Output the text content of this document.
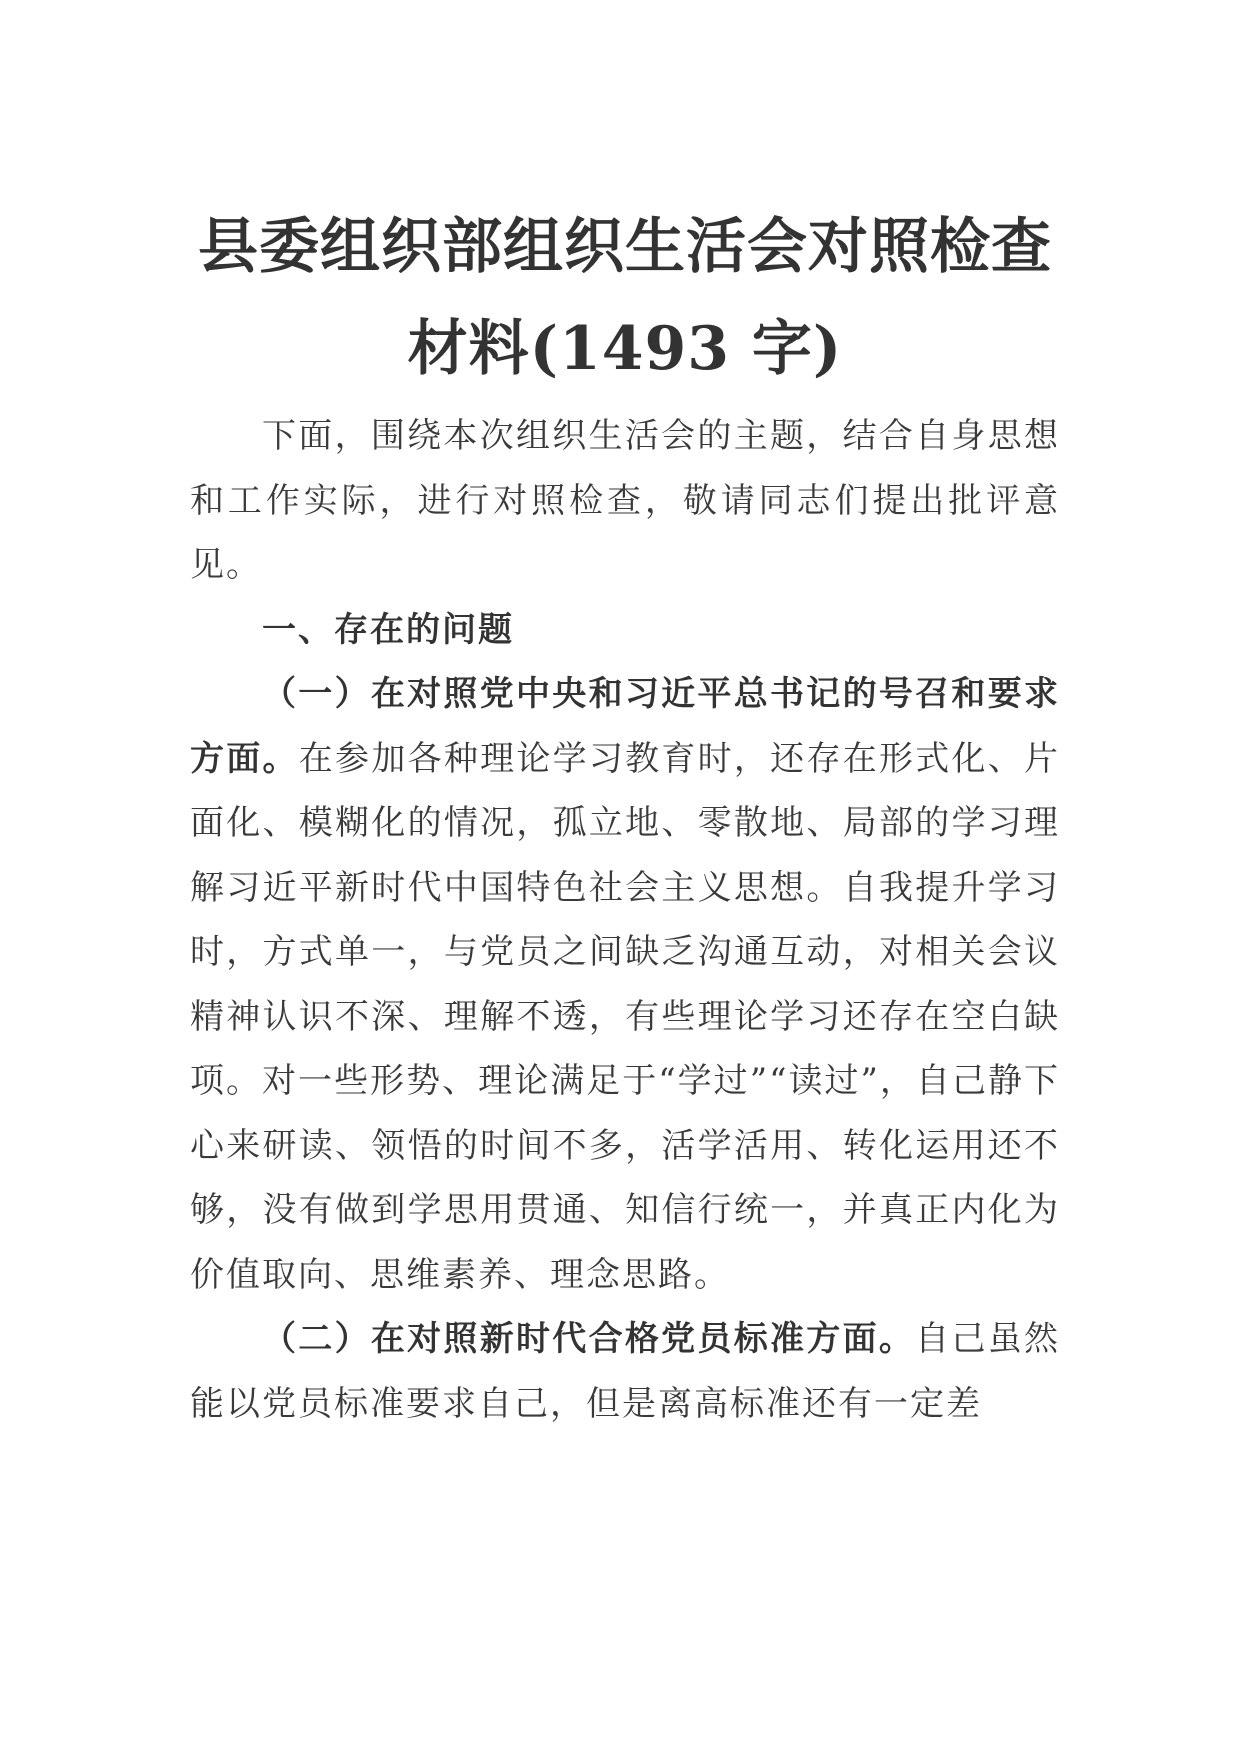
县委组织部组织生活会对照检查
材料(1493 字)

下面，围绕本次组织生活会的主题，结合自身思想和工作实际，进行对照检查，敬请同志们提出批评意见。

一、存在的问题

（一）在对照党中央和习近平总书记的号召和要求方面。在参加各种理论学习教育时，还存在形式化、片面化、模糊化的情况，孤立地、零散地、局部的学习理解习近平新时代中国特色社会主义思想。自我提升学习时，方式单一，与党员之间缺乏沟通互动，对相关会议精神认识不深、理解不透，有些理论学习还存在空白缺项。对一些形势、理论满足于“学过”“读过”，自己静下心来研读、领悟的时间不多，活学活用、转化运用还不够，没有做到学思用贯通、知信行统一，并真正内化为价值取向、思维素养、理念思路。

（二）在对照新时代合格党员标准方面。自己虽然能以党员标准要求自己，但是离高标准还有一定差
